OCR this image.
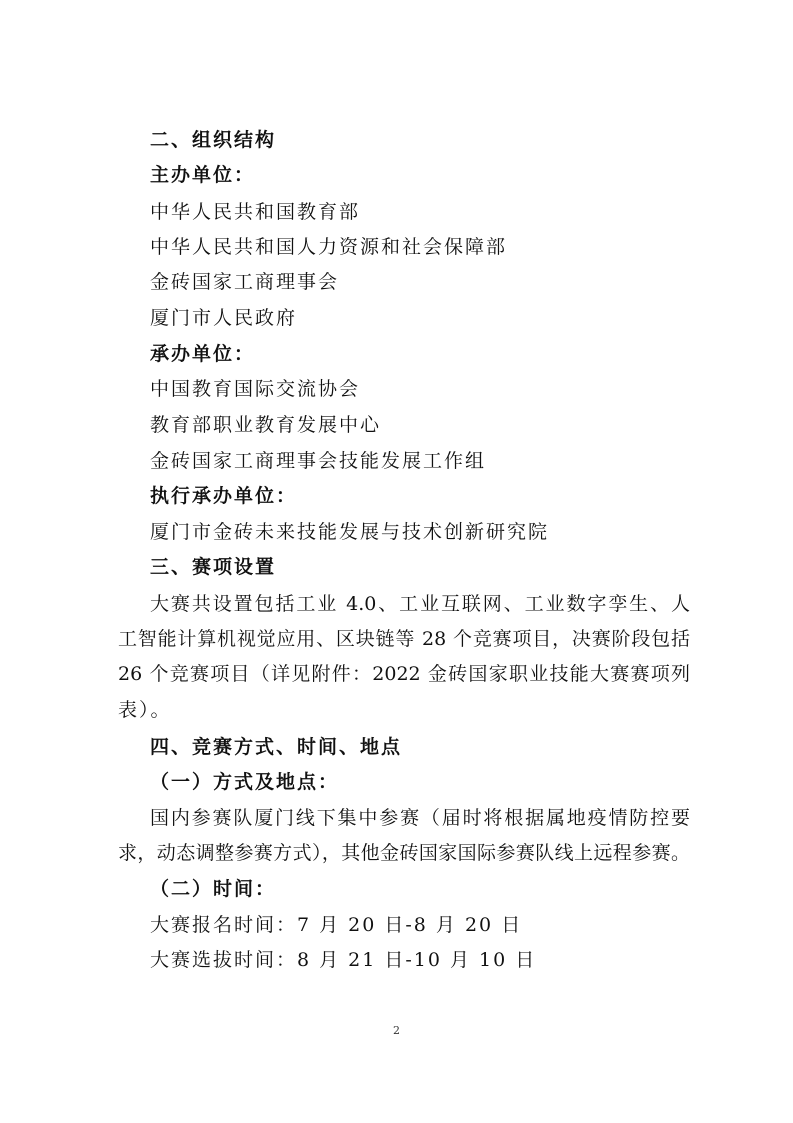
二、组织结构
主办单位：
中华人民共和国教育部
中华人民共和国人力资源和社会保障部
金砖国家工商理事会
厦门市人民政府
承办单位：
中国教育国际交流协会
教育部职业教育发展中心
金砖国家工商理事会技能发展工作组
执行承办单位：
厦门市金砖未来技能发展与技术创新研究院
三、赛项设置
大赛共设置包括工业 4.0、工业互联网、工业数字孪生、人
工智能计算机视觉应用、区块链等 28 个竞赛项目，决赛阶段包括
26 个竞赛项目（详见附件：2022 金砖国家职业技能大赛赛项列
表）。
四、竞赛方式、时间、地点
（一）方式及地点：
国内参赛队厦门线下集中参赛（届时将根据属地疫情防控要
求，动态调整参赛方式），其他金砖国家国际参赛队线上远程参赛。
（二）时间：
大赛报名时间：7 月 20 日-8 月 20 日
大赛选拔时间：8 月 21 日-10 月 10 日
2
